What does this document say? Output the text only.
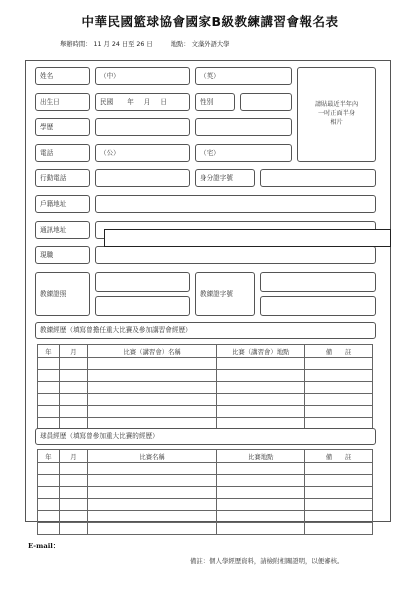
中華民國籃球協會國家B級教練講習會報名表
舉辦時間： 11 月 24 日至 26 日	地點： 文藻外語大學
姓名	（中）	（英）
請貼最近半年內
一吋正面半身
相片
出生日	民國 年 月 日	性別
學歷
電話	（公）	（宅）
行動電話	身分證字號
戶籍地址
通訊地址
現職
教練證照	教練證字號
教練經歷（填寫曾擔任重大比賽及參加講習會經歷）
年	月	比賽（講習會）名稱	比賽（講習會）地點	備　　註

球員經歷（填寫曾參加重大比賽的經歷）
年	月	比賽名稱	比賽地點	備　　註

E-mail：
備註：個人學經歷資料，請檢附相關證明，以便審核。
